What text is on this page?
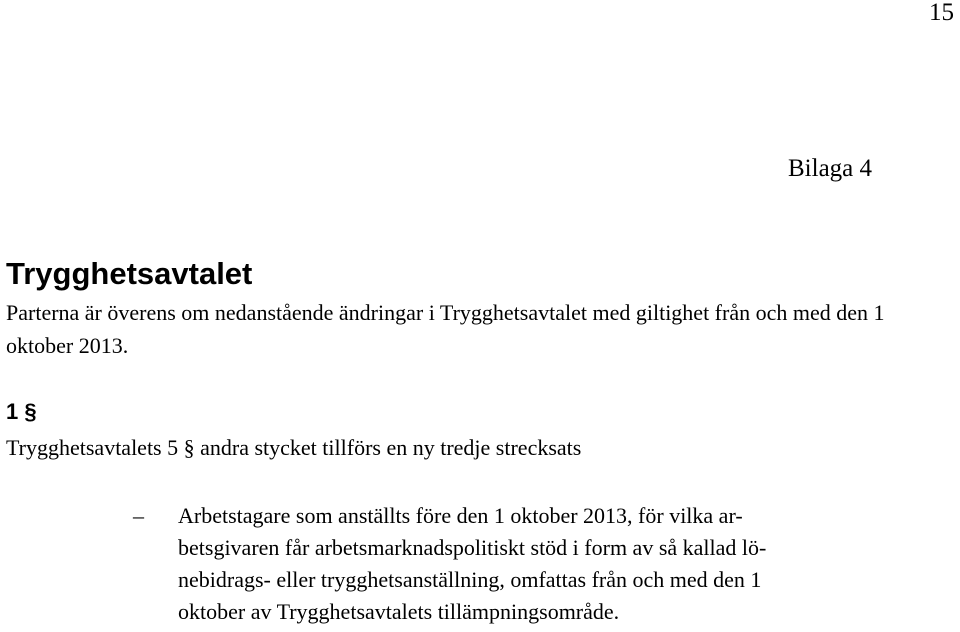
15
Bilaga 4
Trygghetsavtalet

Parterna är överens om nedanstående ändringar i Trygghetsavtalet med giltighet från och med den 1 oktober 2013.

1 §

Trygghetsavtalets 5 § andra stycket tillförs en ny tredje strecksats

– Arbetstagare som anställts före den 1 oktober 2013, för vilka ar-
betsgivaren får arbetsmarknadspolitiskt stöd i form av så kallad lö-
nebidrags- eller trygghetsanställning, omfattas från och med den 1
oktober av Trygghetsavtalets tillämpningsområde.
